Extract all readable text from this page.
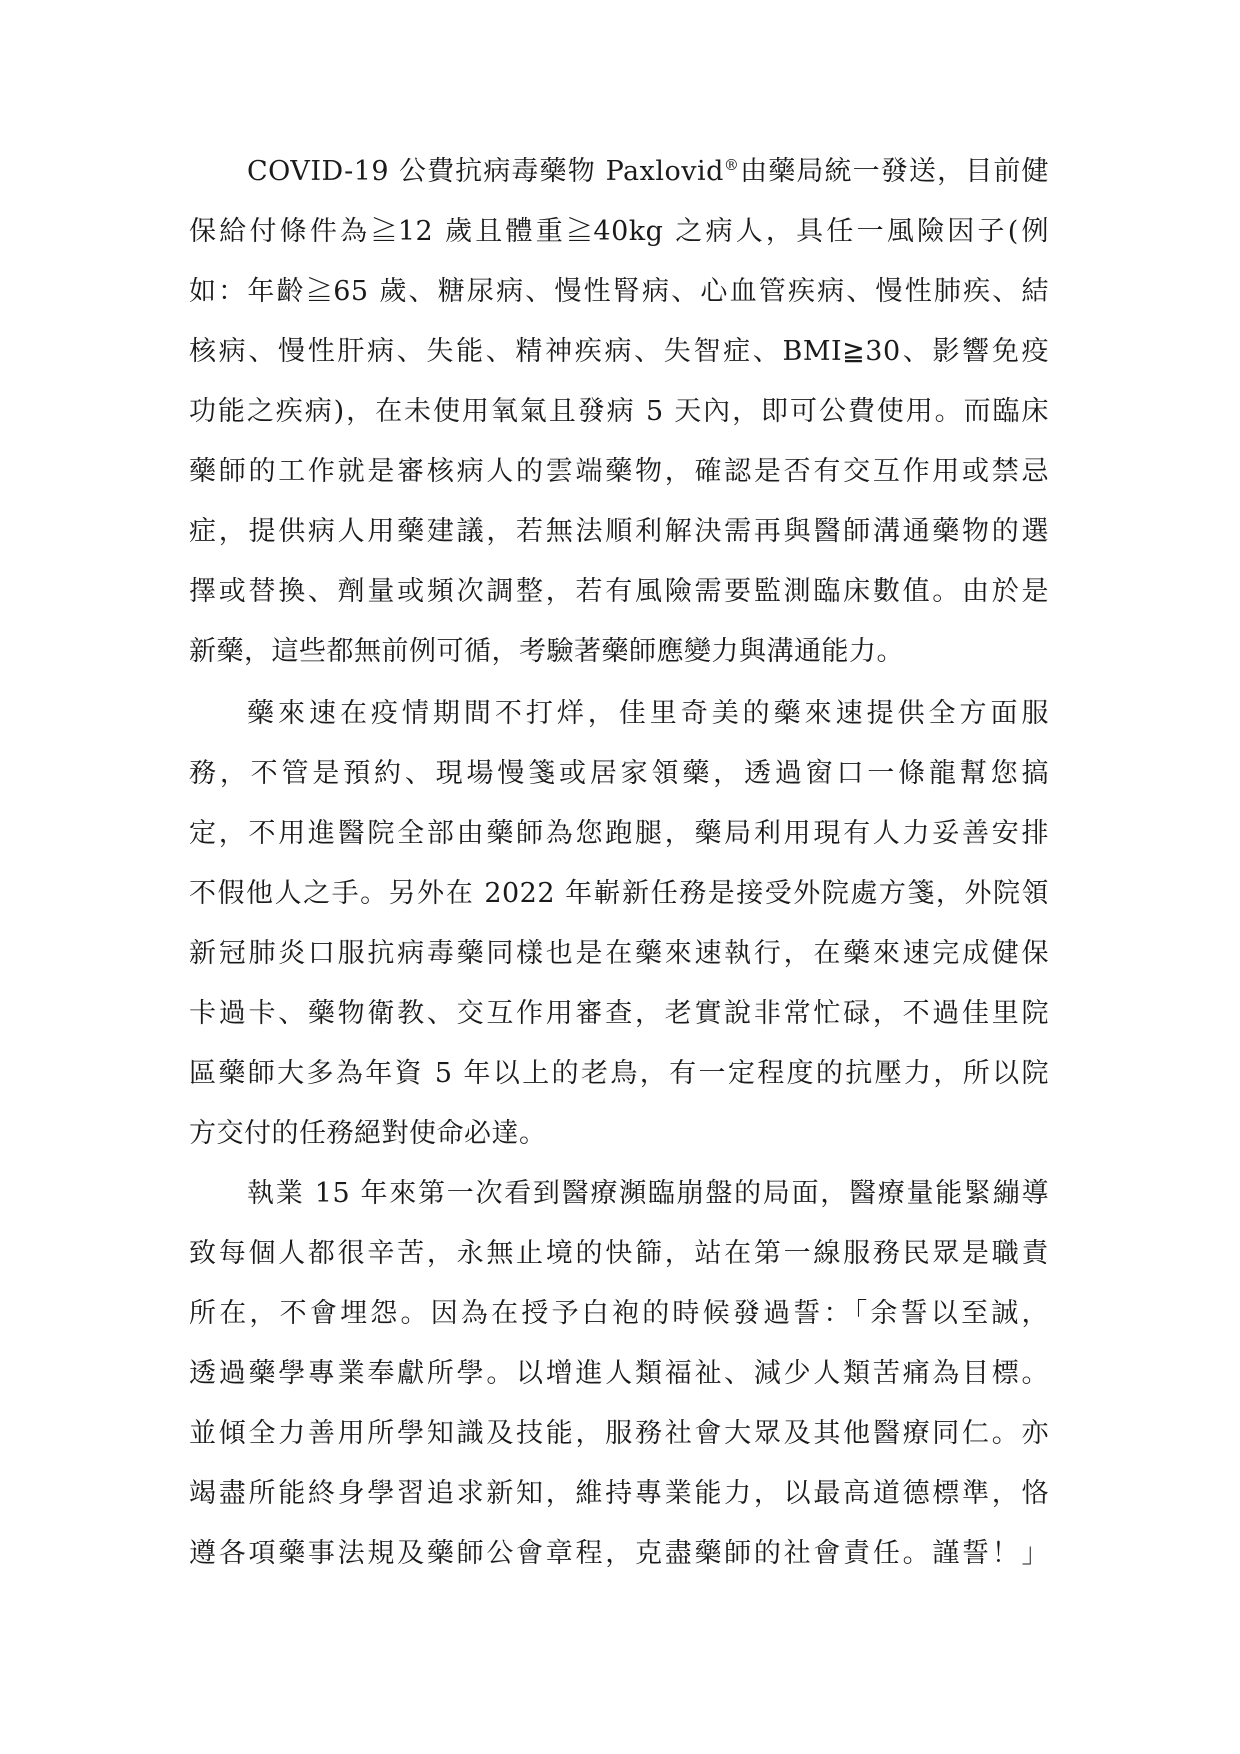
COVID-19 公費抗病毒藥物 Paxlovid®由藥局統一發送，目前健
保給付條件為≧12 歲且體重≧40kg 之病人，具任一風險因子(例
如：年齡≧65 歲、糖尿病、慢性腎病、心血管疾病、慢性肺疾、結
核病、慢性肝病、失能、精神疾病、失智症、BMI≧30、影響免疫
功能之疾病)，在未使用氧氣且發病 5 天內，即可公費使用。而臨床
藥師的工作就是審核病人的雲端藥物，確認是否有交互作用或禁忌
症，提供病人用藥建議，若無法順利解決需再與醫師溝通藥物的選
擇或替換、劑量或頻次調整，若有風險需要監測臨床數值。由於是
新藥，這些都無前例可循，考驗著藥師應變力與溝通能力。
藥來速在疫情期間不打烊，佳里奇美的藥來速提供全方面服
務，不管是預約、現場慢箋或居家領藥，透過窗口一條龍幫您搞
定，不用進醫院全部由藥師為您跑腿，藥局利用現有人力妥善安排
不假他人之手。另外在 2022 年嶄新任務是接受外院處方箋，外院領
新冠肺炎口服抗病毒藥同樣也是在藥來速執行，在藥來速完成健保
卡過卡、藥物衛教、交互作用審查，老實說非常忙碌，不過佳里院
區藥師大多為年資 5 年以上的老鳥，有一定程度的抗壓力，所以院
方交付的任務絕對使命必達。
執業 15 年來第一次看到醫療瀕臨崩盤的局面，醫療量能緊繃導
致每個人都很辛苦，永無止境的快篩，站在第一線服務民眾是職責
所在，不會埋怨。因為在授予白袍的時候發過誓：「余誓以至誠，
透過藥學專業奉獻所學。以增進人類福祉、減少人類苦痛為目標。
並傾全力善用所學知識及技能，服務社會大眾及其他醫療同仁。亦
竭盡所能終身學習追求新知，維持專業能力，以最高道德標準，恪
遵各項藥事法規及藥師公會章程，克盡藥師的社會責任。謹誓！」
